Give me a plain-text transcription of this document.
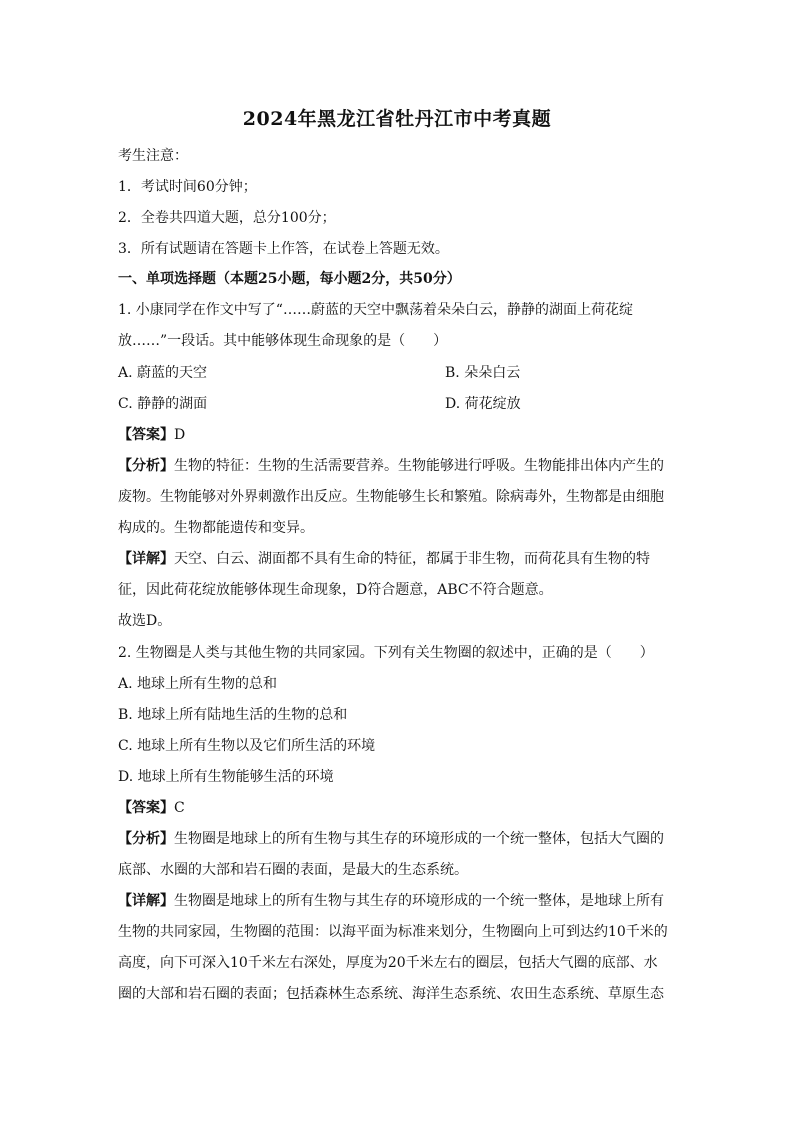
2024年黑龙江省牡丹江市中考真题
考生注意：
1．考试时间60分钟；
2．全卷共四道大题，总分100分；
3．所有试题请在答题卡上作答，在试卷上答题无效。
一、单项选择题（本题25小题，每小题2分，共50分）
1. 小康同学在作文中写了“……蔚蓝的天空中飘荡着朵朵白云，静静的湖面上荷花绽
放……”一段话。其中能够体现生命现象的是（　　）
A. 蔚蓝的天空	B. 朵朵白云
C. 静静的湖面	D. 荷花绽放
【答案】D
【分析】生物的特征：生物的生活需要营养。生物能够进行呼吸。生物能排出体内产生的
废物。生物能够对外界刺激作出反应。生物能够生长和繁殖。除病毒外，生物都是由细胞
构成的。生物都能遗传和变异。
【详解】天空、白云、湖面都不具有生命的特征，都属于非生物，而荷花具有生物的特
征，因此荷花绽放能够体现生命现象，D符合题意，ABC不符合题意。
故选D。
2. 生物圈是人类与其他生物的共同家园。下列有关生物圈的叙述中，正确的是（　　）
A. 地球上所有生物的总和
B. 地球上所有陆地生活的生物的总和
C. 地球上所有生物以及它们所生活的环境
D. 地球上所有生物能够生活的环境
【答案】C
【分析】生物圈是地球上的所有生物与其生存的环境形成的一个统一整体，包括大气圈的
底部、水圈的大部和岩石圈的表面，是最大的生态系统。
【详解】生物圈是地球上的所有生物与其生存的环境形成的一个统一整体，是地球上所有
生物的共同家园，生物圈的范围：以海平面为标准来划分，生物圈向上可到达约10千米的
高度，向下可深入10千米左右深处，厚度为20千米左右的圈层，包括大气圈的底部、水
圈的大部和岩石圈的表面；包括森林生态系统、海洋生态系统、农田生态系统、草原生态
